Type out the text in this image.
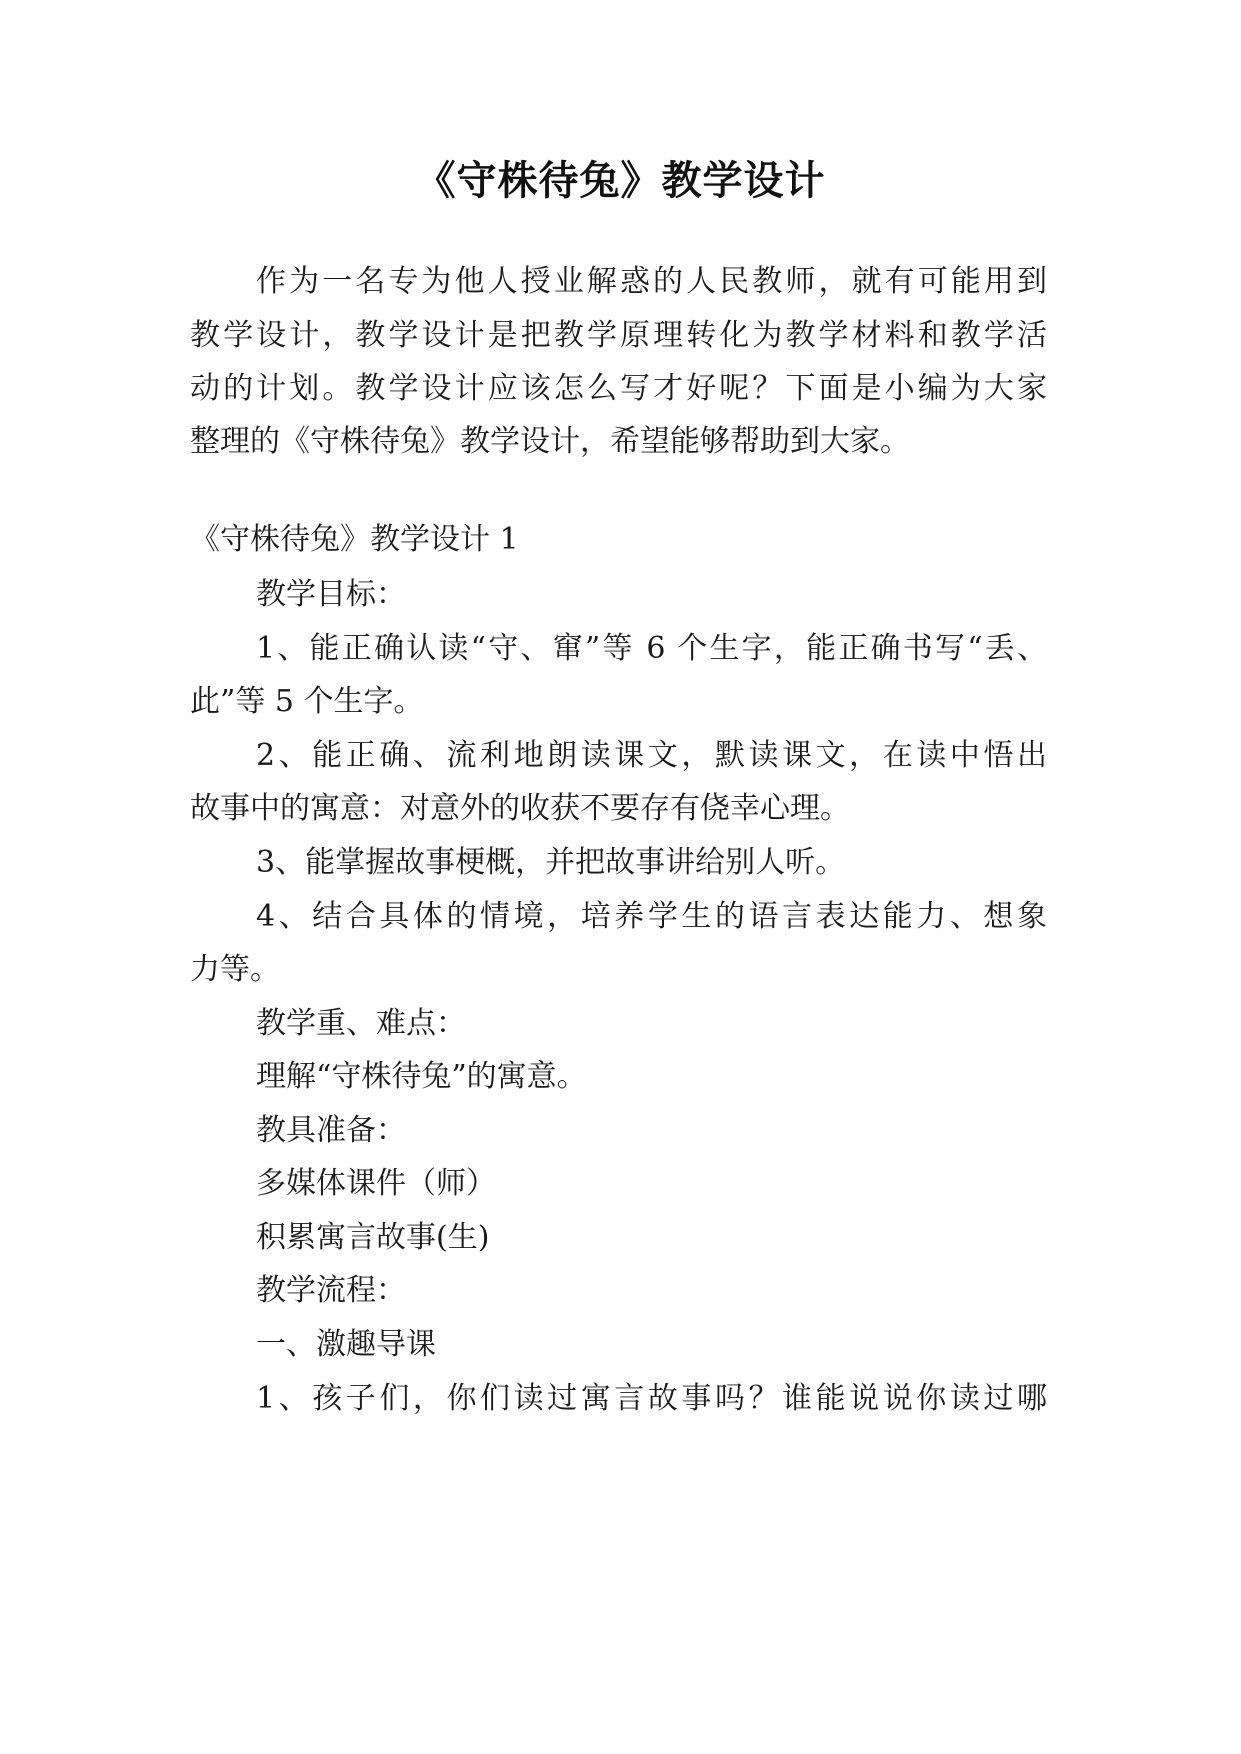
《守株待兔》教学设计
作为一名专为他人授业解惑的人民教师，就有可能用到
教学设计，教学设计是把教学原理转化为教学材料和教学活
动的计划。教学设计应该怎么写才好呢？下面是小编为大家
整理的《守株待兔》教学设计，希望能够帮助到大家。
《守株待兔》教学设计 1
教学目标：
1、能正确认读“守、窜”等 6 个生字，能正确书写“丢、
此”等 5 个生字。
2、能正确、流利地朗读课文，默读课文，在读中悟出
故事中的寓意：对意外的收获不要存有侥幸心理。
3、能掌握故事梗概，并把故事讲给别人听。
4、结合具体的情境，培养学生的语言表达能力、想象
力等。
教学重、难点：
理解“守株待兔”的寓意。
教具准备：
多媒体课件（师）
积累寓言故事(生)
教学流程：
一、激趣导课
1、孩子们，你们读过寓言故事吗？谁能说说你读过哪
